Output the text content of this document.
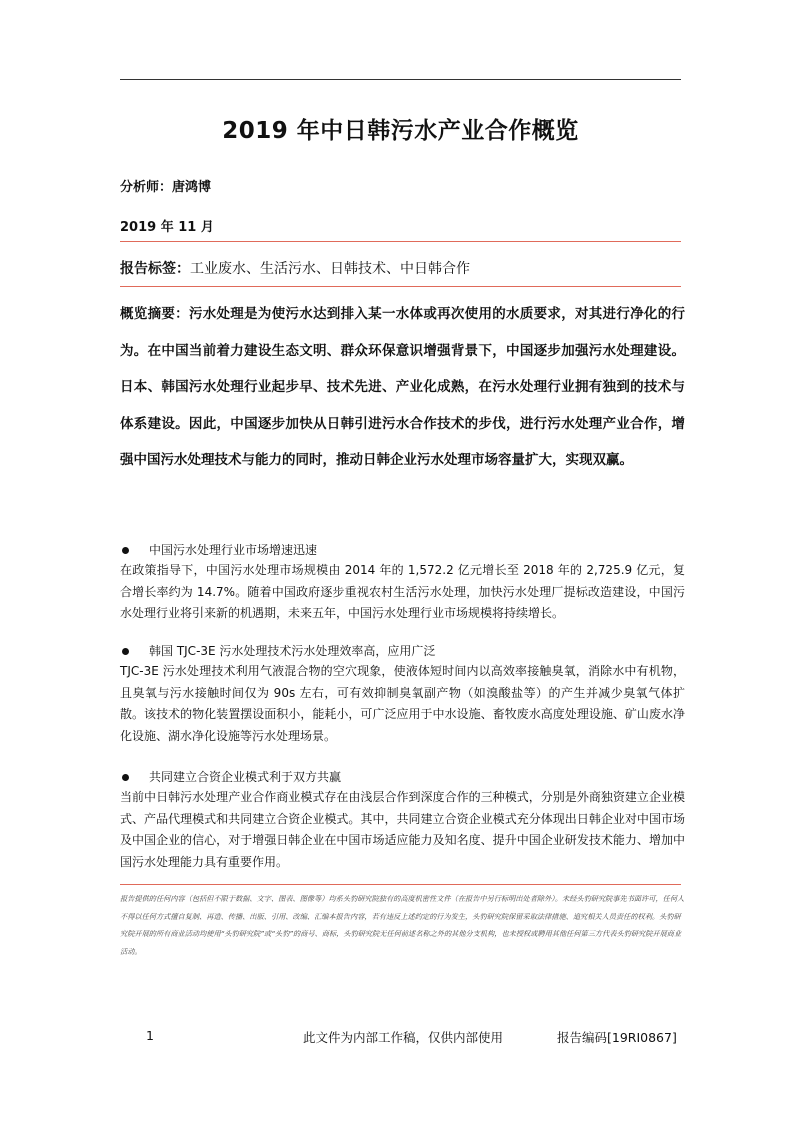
2019 年中日韩污水产业合作概览
分析师：唐鸿博
2019 年 11 月
报告标签：工业废水、生活污水、日韩技术、中日韩合作
概览摘要：污水处理是为使污水达到排入某一水体或再次使用的水质要求，对其进行净化的行为。在中国当前着力建设生态文明、群众环保意识增强背景下，中国逐步加强污水处理建设。日本、韩国污水处理行业起步早、技术先进、产业化成熟，在污水处理行业拥有独到的技术与体系建设。因此，中国逐步加快从日韩引进污水合作技术的步伐，进行污水处理产业合作，增强中国污水处理技术与能力的同时，推动日韩企业污水处理市场容量扩大，实现双赢。
中国污水处理行业市场增速迅速
在政策指导下，中国污水处理市场规模由 2014 年的 1,572.2 亿元增长至 2018 年的 2,725.9 亿元，复合增长率约为 14.7%。随着中国政府逐步重视农村生活污水处理，加快污水处理厂提标改造建设，中国污水处理行业将引来新的机遇期，未来五年，中国污水处理行业市场规模将持续增长。
韩国 TJC-3E 污水处理技术污水处理效率高，应用广泛
TJC-3E 污水处理技术利用气液混合物的空穴现象，使液体短时间内以高效率接触臭氧，消除水中有机物，且臭氧与污水接触时间仅为 90s 左右，可有效抑制臭氧副产物（如溴酸盐等）的产生并减少臭氧气体扩散。该技术的物化装置摆设面积小，能耗小，可广泛应用于中水设施、畜牧废水高度处理设施、矿山废水净化设施、湖水净化设施等污水处理场景。
共同建立合资企业模式利于双方共赢
当前中日韩污水处理产业合作商业模式存在由浅层合作到深度合作的三种模式，分别是外商独资建立企业模式、产品代理模式和共同建立合资企业模式。其中，共同建立合资企业模式充分体现出日韩企业对中国市场及中国企业的信心，对于增强日韩企业在中国市场适应能力及知名度、提升中国企业研发技术能力、增加中国污水处理能力具有重要作用。
报告提供的任何内容（包括但不限于数据、文字、图表、图像等）均系头豹研究院独有的高度机密性文件（在报告中另行标明出处者除外）。未经头豹研究院事先书面许可，任何人不得以任何方式擅自复制、再造、传播、出版、引用、改编、汇编本报告内容，若有违反上述约定的行为发生，头豹研究院保留采取法律措施、追究相关人员责任的权利。头豹研究院开展的所有商业活动均使用“头豹研究院”或“头豹”的商号、商标，头豹研究院无任何前述名称之外的其他分支机构，也未授权或聘用其他任何第三方代表头豹研究院开展商业活动。
1	此文件为内部工作稿，仅供内部使用	报告编码[19RI0867]
